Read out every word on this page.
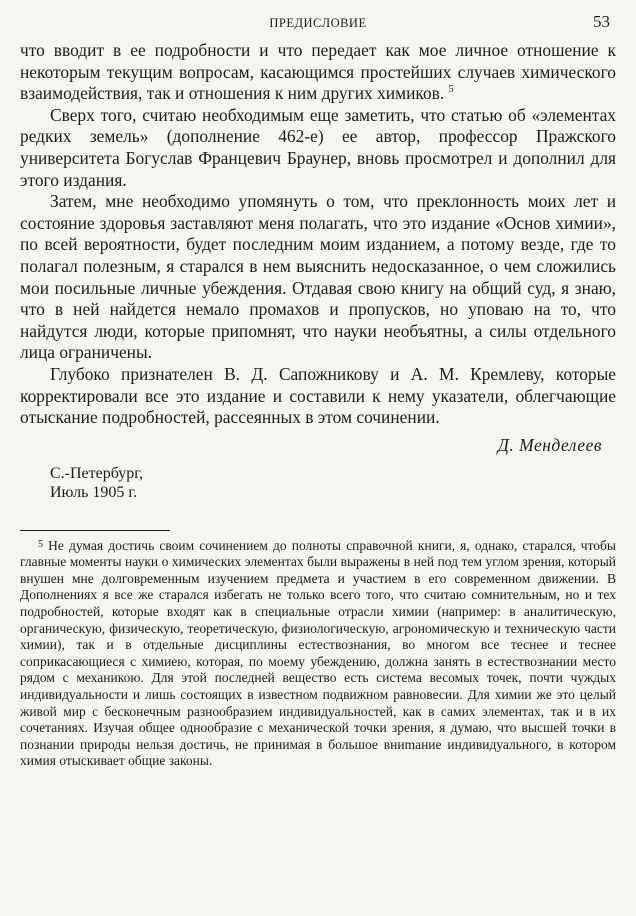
ПРЕДИСЛОВИЕ	53

что вводит в ее подробности и что передает как мое личное отношение к некоторым текущим вопросам, касающимся простейших случаев химического взаимодействия, так и отношения к ним других химиков. $^5$

Сверх того, считаю необходимым еще заметить, что статью об «элементах редких земель» (дополнение 462-е) ее автор, профессор Пражского университета Богуслав Францевич Браунер, вновь просмотрел и дополнил для этого издания.

Затем, мне необходимо упомянуть о том, что преклонность моих лет и состояние здоровья заставляют меня полагать, что это издание «Основ химии», по всей вероятности, будет последним моим изданием, а потому везде, где то полагал полезным, я старался в нем выяснить недосказанное, о чем сложились мои посильные личные убеждения. Отдавая свою книгу на общий суд, я знаю, что в ней найдется немало промахов и пропусков, но уповаю на то, что найдутся люди, которые припомнят, что науки необъятны, а силы отдельного лица ограничены.

Глубоко признателен В. Д. Сапожникову и А. М. Кремлеву, которые корректировали все это издание и составили к нему указатели, облегчающие отыскание подробностей, рассеянных в этом сочинении.

Д. Менделеев
С.-Петербург,
Июль 1905 г.

$^5$ Не думая достичь своим сочинением до полноты справочной книги, я, однако, старался, чтобы главные моменты науки о химических элементах были выражены в ней под тем углом зрения, который внушен мне долговременным изучением предмета и участием в его современном движении. В Дополнениях я все же старался избегать не только всего того, что считаю сомнительным, но и тех подробностей, которые входят как в специальные отрасли химии (например: в аналитическую, органическую, физическую, теоретическую, физиологическую, агрономическую и техническую части химии), так и в отдельные дисциплины естествознания, во многом все теснее и теснее соприкасающиеся с химиею, которая, по моему убеждению, должна занять в естествознании место рядом с механикою. Для этой последней вещество есть система весомых точек, почти чуждых индивидуальности и лишь состоящих в известном подвижном равновесии. Для химии же это целый живой мир с бесконечным разнообразием индивидуальностей, как в самих элементах, так и в их сочетаниях. Изучая общее однообразие с механической точки зрения, я думаю, что высшей точки в познании природы нельзя достичь, не принимая в большое вниmание индивидуального, в котором химия отыскивает общие законы.
